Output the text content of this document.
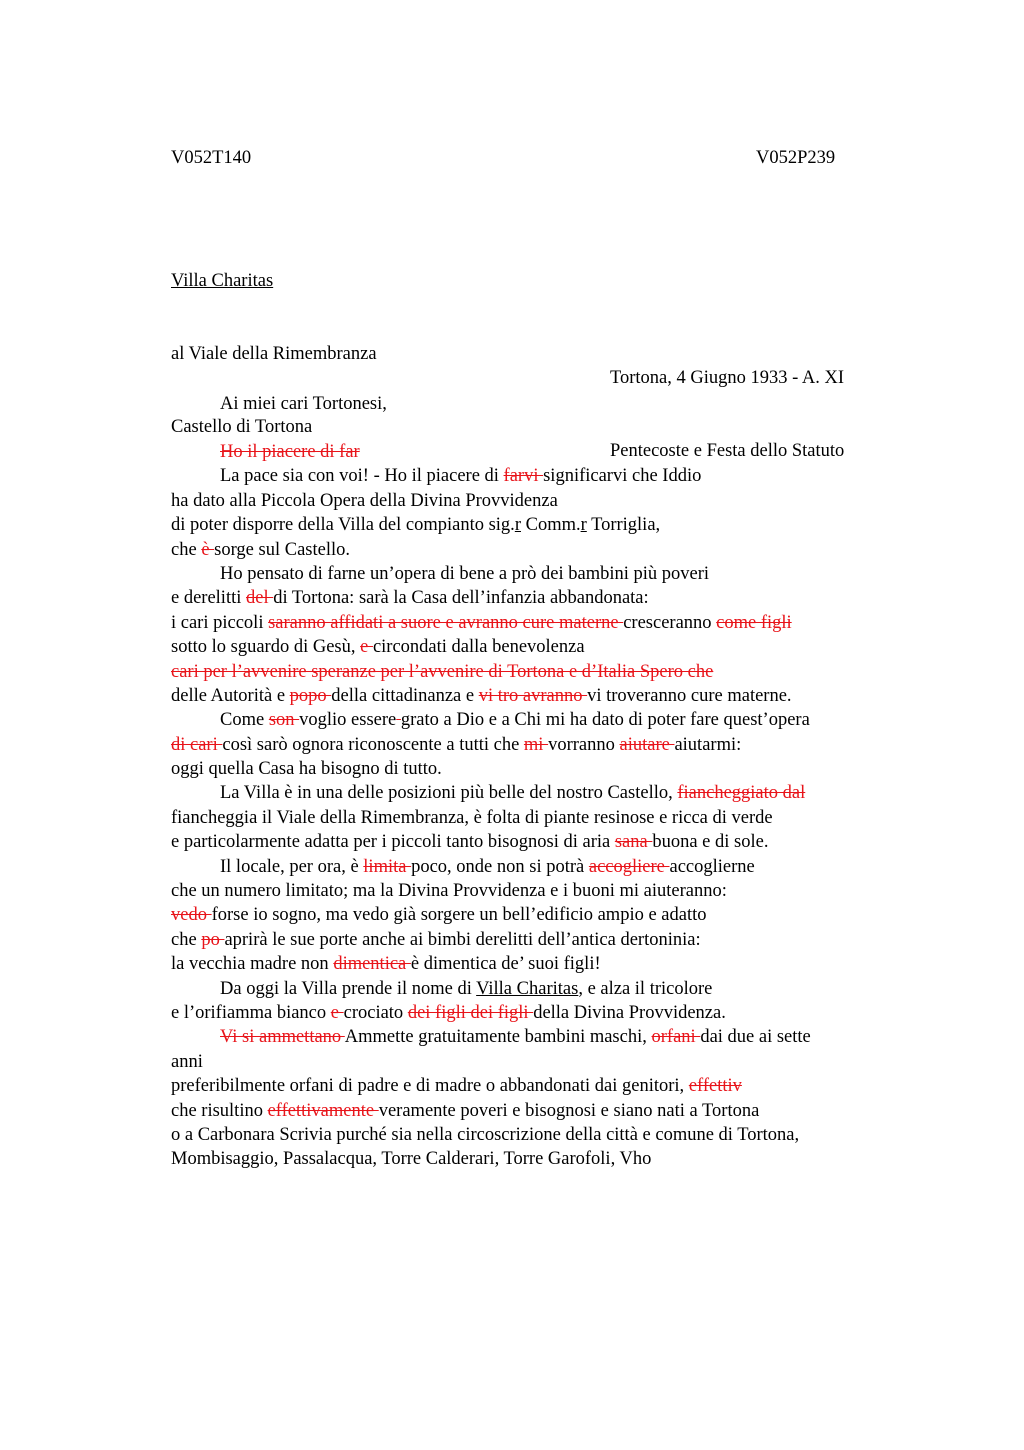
V052T140	V052P239

Villa Charitas

al Viale della Rimembranza

Castello di Tortona

Tortona, 4 Giugno 1933 - A. XI

Pentecoste e Festa dello Statuto

Ai miei cari Tortonesi,
Ho il piacere di far
La pace sia con voi! - Ho il piacere di farvi significarvi che Iddio
ha dato alla Piccola Opera della Divina Provvidenza
di poter disporre della Villa del compianto sig.r Comm.r Torriglia,
che è sorge sul Castello.
Ho pensato di farne un’opera di bene a prò dei bambini più poveri
e derelitti del di Tortona: sarà la Casa dell’infanzia abbandonata:
i cari piccoli saranno affidati a suore e avranno cure materne cresceranno come figli
sotto lo sguardo di Gesù, e circondati dalla benevolenza
cari per l’avvenire speranze per l’avvenire di Tortona e d’Italia Spero che
delle Autorità e popo della cittadinanza e vi tro avranno vi troveranno cure materne.
Come son voglio essere grato a Dio e a Chi mi ha dato di poter fare quest’opera
di cari così sarò ognora riconoscente a tutti che mi vorranno aiutare aiutarmi:
oggi quella Casa ha bisogno di tutto.
La Villa è in una delle posizioni più belle del nostro Castello, fiancheggiato dal
fiancheggia il Viale della Rimembranza, è folta di piante resinose e ricca di verde
e particolarmente adatta per i piccoli tanto bisognosi di aria sana buona e di sole.
Il locale, per ora, è limita poco, onde non si potrà accogliere accoglierne
che un numero limitato; ma la Divina Provvidenza e i buoni mi aiuteranno:
vedo forse io sogno, ma vedo già sorgere un bell’edificio ampio e adatto
che po aprirà le sue porte anche ai bimbi derelitti dell’antica dertoninia:
la vecchia madre non dimentica è dimentica de’ suoi figli!
Da oggi la Villa prende il nome di Villa Charitas, e alza il tricolore
e l’orifiamma bianco e crociato dei figli dei figli della Divina Provvidenza.
Vi si ammettano Ammette gratuitamente bambini maschi, orfani dai due ai sette
anni
preferibilmente orfani di padre e di madre o abbandonati dai genitori, effettiv
che risultino effettivamente veramente poveri e bisognosi e siano nati a Tortona
o a Carbonara Scrivia purché sia nella circoscrizione della città e comune di Tortona,
Mombisaggio, Passalacqua, Torre Calderari, Torre Garofoli, Vho
